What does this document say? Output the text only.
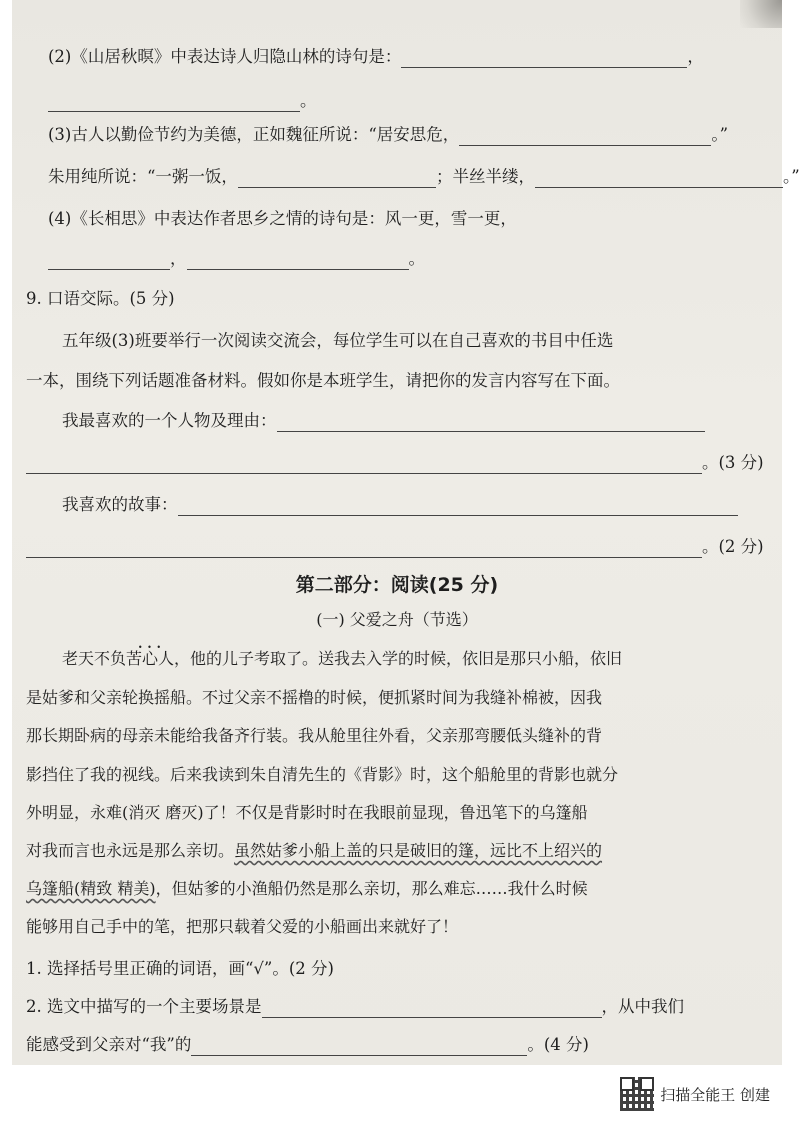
(2)《山居秋暝》中表达诗人归隐山林的诗句是：	，
。
(3)古人以勤俭节约为美德，正如魏征所说：“居安思危，	。”
朱用纯所说：“一粥一饭，	；半丝半缕，	。”
(4)《长相思》中表达作者思乡之情的诗句是：风一更，雪一更，
，	。
9. 口语交际。(5 分)
五年级(3)班要举行一次阅读交流会，每位学生可以在自己喜欢的书目中任选
一本，围绕下列话题准备材料。假如你是本班学生，请把你的发言内容写在下面。
我最喜欢的一个人物及理由：
。(3 分)
我喜欢的故事：
。(2 分)
第二部分：阅读(25 分)
(一) 父爱之舟（节选）
老天不负• • • 苦心人，他的儿子考取了。送我去入学的时候，依旧是那只小船，依旧
是姑爹和父亲轮换摇船。不过父亲不摇橹的时候，便抓紧时间为我缝补棉被，因我
那长期卧病的母亲未能给我备齐行装。我从舱里往外看，父亲那弯腰低头缝补的背
影挡住了我的视线。后来我读到朱自清先生的《背影》时，这个船舱里的背影也就分
外明显，永难(消灭 磨灭)了！不仅是背影时时在我眼前显现，鲁迅笔下的乌篷船
对我而言也永远是那么亲切。虽然姑爹小船上盖的只是破旧的篷，远比不上绍兴的
乌篷船(精致 精美)，但姑爹的小渔船仍然是那么亲切，那么难忘……我什么时候
能够用自己手中的笔，把那只载着父爱的小船画出来就好了！
1. 选择括号里正确的词语，画“√”。(2 分)
2. 选文中描写的一个主要场景是	，从中我们
能感受到父亲对“我”的	。(4 分)
扫描全能王 创建
